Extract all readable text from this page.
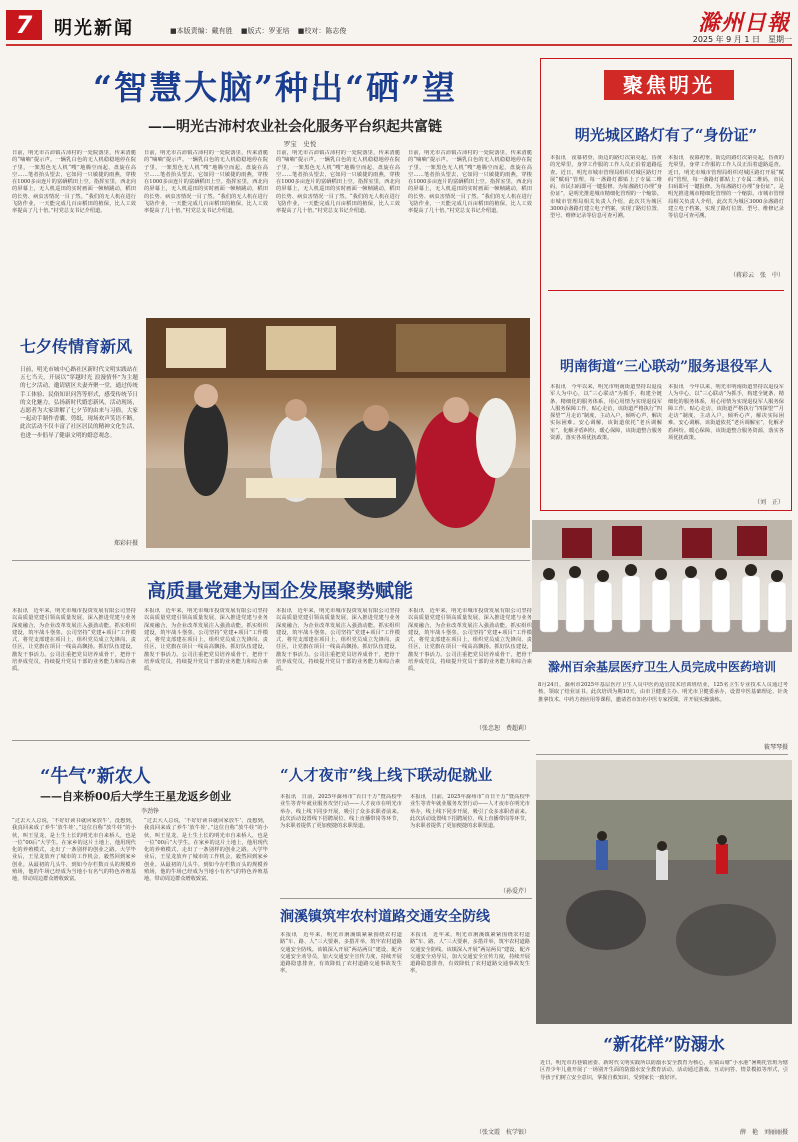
7	明光新闻	■本版责编：戴有胜 ■版式：罗亚培 ■校对：陈志俊	滁州日報
2025 年 9 月 1 日　星期一
“智慧大脑”种出“硒”望
——明光古沛村农业社会化服务平台织起共富链
罗宝　史悦
日前，明光市古沛镇古沛村的一处院落里，传来清脆的“嘀嘀”提示声。一辆乳白色的无人机稳稳地停在院子里，一架黑色无人机“嗖”地腾空而起，盘旋在高空……笔者抬头望去，它如同一只敏捷的雨燕，穿梭在1000多亩连片的富硒稻田上空。指挥室里，西北向的屏幕上，无人机巡田的实时画面一帧帧跳动，稻田的长势、病虫害情况一目了然。“我们的无人机在进行飞防作业，一天能完成几百亩稻田的植保，比人工效率提高了几十倍。”村党总支书记介绍道。
日前，明光市古沛镇古沛村的一处院落里，传来清脆的“嘀嘀”提示声。一辆乳白色的无人机稳稳地停在院子里，一架黑色无人机“嗖”地腾空而起，盘旋在高空……笔者抬头望去，它如同一只敏捷的雨燕，穿梭在1000多亩连片的富硒稻田上空。指挥室里，西北向的屏幕上，无人机巡田的实时画面一帧帧跳动，稻田的长势、病虫害情况一目了然。“我们的无人机在进行飞防作业，一天能完成几百亩稻田的植保，比人工效率提高了几十倍。”村党总支书记介绍道。
日前，明光市古沛镇古沛村的一处院落里，传来清脆的“嘀嘀”提示声。一辆乳白色的无人机稳稳地停在院子里，一架黑色无人机“嗖”地腾空而起，盘旋在高空……笔者抬头望去，它如同一只敏捷的雨燕，穿梭在1000多亩连片的富硒稻田上空。指挥室里，西北向的屏幕上，无人机巡田的实时画面一帧帧跳动，稻田的长势、病虫害情况一目了然。“我们的无人机在进行飞防作业，一天能完成几百亩稻田的植保，比人工效率提高了几十倍。”村党总支书记介绍道。
日前，明光市古沛镇古沛村的一处院落里，传来清脆的“嘀嘀”提示声。一辆乳白色的无人机稳稳地停在院子里，一架黑色无人机“嗖”地腾空而起，盘旋在高空……笔者抬头望去，它如同一只敏捷的雨燕，穿梭在1000多亩连片的富硒稻田上空。指挥室里，西北向的屏幕上，无人机巡田的实时画面一帧帧跳动，稻田的长势、病虫害情况一目了然。“我们的无人机在进行飞防作业，一天能完成几百亩稻田的植保，比人工效率提高了几十倍。”村党总支书记介绍道。
聚焦明光
明光城区路灯有了“身份证”
本报讯　夜幕初垂，街边的路灯次第亮起，昏黄的光晕里，身穿工作服的工作人员正沿着道路巡查。近日，明光市城市管理局组织对城区路灯开展“赋码”管理，每一盏路灯都贴上了专属二维码，市民扫码即可一键报修。为每盏路灯办理“身份证”，是明光推进城市精细化管理的一个缩影。市城市管理局相关负责人介绍，此次共为城区3000余盏路灯建立电子档案，实现了路灯位置、型号、维修记录等信息可查可溯。
本报讯　夜幕初垂，街边的路灯次第亮起，昏黄的光晕里，身穿工作服的工作人员正沿着道路巡查。近日，明光市城市管理局组织对城区路灯开展“赋码”管理，每一盏路灯都贴上了专属二维码，市民扫码即可一键报修。为每盏路灯办理“身份证”，是明光推进城市精细化管理的一个缩影。市城市管理局相关负责人介绍，此次共为城区3000余盏路灯建立电子档案，实现了路灯位置、型号、维修记录等信息可查可溯。
（蒋彩云　张　中）
明南街道“三心联动”服务退役军人
本报讯　今年以来，明光市明南街道坚持以退役军人为中心，以“三心联动”为抓手，构建全链条、精细化的服务体系，用心用情为实现退役军人服务保障工作。贴心走访，该街道严格执行“四探望”“月走访”制度，主动入户，倾听心声，解决实际困难。安心调解，该街道依托“老兵调解室”，化解矛盾纠纷。暖心保障，该街道整合服务资源，落实各项优抚政策。
本报讯　今年以来，明光市明南街道坚持以退役军人为中心，以“三心联动”为抓手，构建全链条、精细化的服务体系，用心用情为实现退役军人服务保障工作。贴心走访，该街道严格执行“四探望”“月走访”制度，主动入户，倾听心声，解决实际困难。安心调解，该街道依托“老兵调解室”，化解矛盾纠纷。暖心保障，该街道整合服务资源，落实各项优抚政策。
（刘　正）
七夕传情育新风
日前，明光市城中心路社区新时代文明实践站在五七当天，开展以“穿越时光 浪漫情怀”为主题的七夕活动，邀请辖区夫妻齐聚一堂，通过传统手工体验、民俗知识问答等形式，感受传统节日的文化魅力，弘扬新时代婚恋新风。活动现场，志愿者为大家讲解了七夕节的由来与习俗，大家一起动手制作香囊、剪纸，现场欢声笑语不断。此次活动不仅丰富了社区居民的精神文化生活，也进一步倡导了健康文明的婚恋观念。
郑彩轩摄
高质量党建为国企发展聚势赋能
本报讯　近年来，明光市城市投资发展有限公司坚持以高质量党建引领高质量发展，深入推进党建与业务深度融合，为企业改革发展注入强劲动能。抓实组织建设，筑牢战斗堡垒。公司坚持“党建+项目”工作模式，将党支部建在项目上，组织党员成立先锋岗、责任区，让党旗在项目一线高高飘扬。抓好队伍建设，激发干事活力。公司注重把党员培养成骨干，把骨干培养成党员，持续提升党员干部的业务能力和综合素质。
本报讯　近年来，明光市城市投资发展有限公司坚持以高质量党建引领高质量发展，深入推进党建与业务深度融合，为企业改革发展注入强劲动能。抓实组织建设，筑牢战斗堡垒。公司坚持“党建+项目”工作模式，将党支部建在项目上，组织党员成立先锋岗、责任区，让党旗在项目一线高高飘扬。抓好队伍建设，激发干事活力。公司注重把党员培养成骨干，把骨干培养成党员，持续提升党员干部的业务能力和综合素质。
本报讯　近年来，明光市城市投资发展有限公司坚持以高质量党建引领高质量发展，深入推进党建与业务深度融合，为企业改革发展注入强劲动能。抓实组织建设，筑牢战斗堡垒。公司坚持“党建+项目”工作模式，将党支部建在项目上，组织党员成立先锋岗、责任区，让党旗在项目一线高高飘扬。抓好队伍建设，激发干事活力。公司注重把党员培养成骨干，把骨干培养成党员，持续提升党员干部的业务能力和综合素质。
本报讯　近年来，明光市城市投资发展有限公司坚持以高质量党建引领高质量发展，深入推进党建与业务深度融合，为企业改革发展注入强劲动能。抓实组织建设，筑牢战斗堡垒。公司坚持“党建+项目”工作模式，将党支部建在项目上，组织党员成立先锋岗、责任区，让党旗在项目一线高高飘扬。抓好队伍建设，激发干事活力。公司注重把党员培养成骨干，把骨干培养成党员，持续提升党员干部的业务能力和综合素质。
（张忠恕　费超莉）
滁州百余基层医疗卫生人员完成中医药培训
8月24日，滁州市2025年基层医疗卫生人员中医药适宜技术培训班结业，125名卫生专业技术人员通过考核，领取了结业证书。此次培训为期10天，由市卫健委主办、明光市卫健委承办，设置中医基础理论、针灸推拿技术、中药方剂应用等课程，邀请省市知名中医专家授课，并开展实操演练。
筱琴琴摄
“牛气”新农人
——自来桥00后大学生王星龙返乡创业
李劲铮
“过去大人总说，‘不好好读书就回家放牛’，没想到，我真回来成了养牛‘放牛娃’。”这位自称“放牛娃”的小伙，叫王星龙，是土生土长的明光市自来桥人，也是一位“00后”大学生。在家乡的这片土地上，他用现代化的养殖模式，走出了一条别样的创业之路。大学毕业后，王星龙放弃了城市的工作机会，毅然回到家乡创业。从最初的几头牛，到如今存栏数百头的规模养殖场，他的牛场已经成为当地小有名气的特色养殖基地，带动周边群众增收致富。
“过去大人总说，‘不好好读书就回家放牛’，没想到，我真回来成了养牛‘放牛娃’。”这位自称“放牛娃”的小伙，叫王星龙，是土生土长的明光市自来桥人，也是一位“00后”大学生。在家乡的这片土地上，他用现代化的养殖模式，走出了一条别样的创业之路。大学毕业后，王星龙放弃了城市的工作机会，毅然回到家乡创业。从最初的几头牛，到如今存栏数百头的规模养殖场，他的牛场已经成为当地小有名气的特色养殖基地，带动周边群众增收致富。
“人才夜市”线上线下联动促就业
本报讯　日前，2025年滁州市“百日千万”暨高校毕业生等青年就业服务攻坚行动——人才夜市在明光市举办，线上线下同步开展，吸引了众多求职者前来。此次活动设置线下招聘展位、线上直播带岗等环节，为求职者提供了更加便捷的求职渠道。
本报讯　日前，2025年滁州市“百日千万”暨高校毕业生等青年就业服务攻坚行动——人才夜市在明光市举办，线上线下同步开展，吸引了众多求职者前来。此次活动设置线下招聘展位、线上直播带岗等环节，为求职者提供了更加便捷的求职渠道。
（孙爱芹）
涧溪镇筑牢农村道路交通安全防线
本报讯　近年来，明光市涧溪镇紧紧围绕农村道路“车、路、人”三大要素，多措并举，筑牢农村道路交通安全防线。该镇深入开展“两站两员”建设，配齐交通安全劝导员，加大交通安全宣传力度，持续开展道路隐患排查，有效降低了农村道路交通事故发生率。
本报讯　近年来，明光市涧溪镇紧紧围绕农村道路“车、路、人”三大要素，多措并举，筑牢农村道路交通安全防线。该镇深入开展“两站两员”建设，配齐交通安全劝导员，加大交通安全宣传力度，持续开展道路隐患排查，有效降低了农村道路交通事故发生率。
（张文霞　杭学银）
“新花样”防溺水
近日，明光市苏巷镇团委、新时代文明实践所以防溺水安全教育为核心，在镇山塘“小水港”暑期托管班为辖区青少年儿童开展了一场别开生面的防溺水安全教育活动。活动通过游戏、互动问答、情景模拟等形式，引导孩子们树立安全意识，掌握自救知识，受到家长一致好评。
薛　艳　刘丽丽摄
